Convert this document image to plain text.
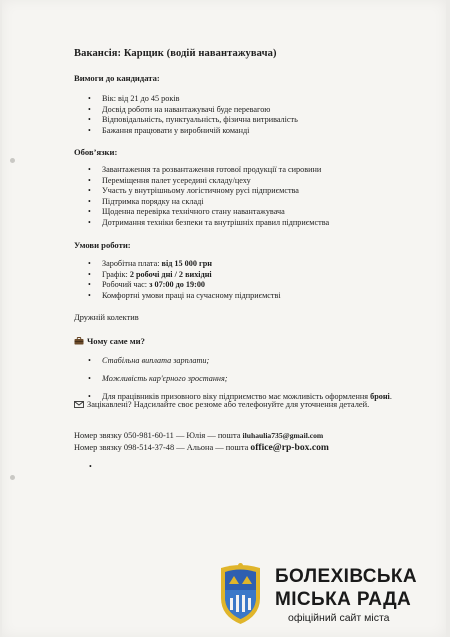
Вакансія: Карщик (водій навантажувача)
Вимоги до кандидата:
• Вік: від 21 до 45 років
• Досвід роботи на навантажувачі буде перевагою
• Відповідальність, пунктуальність, фізична витривалість
• Бажання працювати у виробничій команді
Обов’язки:
• Завантаження та розвантаження готової продукції та сировини
• Переміщення палет усередині складу/цеху
• Участь у внутрішньому логістичному русі підприємства
• Підтримка порядку на складі
• Щоденна перевірка технічного стану навантажувача
• Дотримання техніки безпеки та внутрішніх правил підприємства
Умови роботи:
• Заробітна плата: від 15 000 грн
• Графік: 2 робочі дні / 2 вихідні
• Робочий час: з 07:00 до 19:00
• Комфортні умови праці на сучасному підприємстві
Дружній колектив
Чому саме ми?
• Стабільна виплата зарплати;
• Можливість кар'єрного зростання;
• Для працівників призовного віку підприємство має можливість оформлення броні.
Зацікавлені? Надсилайте своє резюме або телефонуйте для уточнення деталей.
Номер звязку 050-981-60-11 — Юлія — пошта iluhaulia735@gmail.com
Номер звязку 098-514-37-48 — Альона — пошта office@rp-box.com
•
БОЛЕХІВСЬКА
МІСЬКА РАДА
офіційний сайт міста
